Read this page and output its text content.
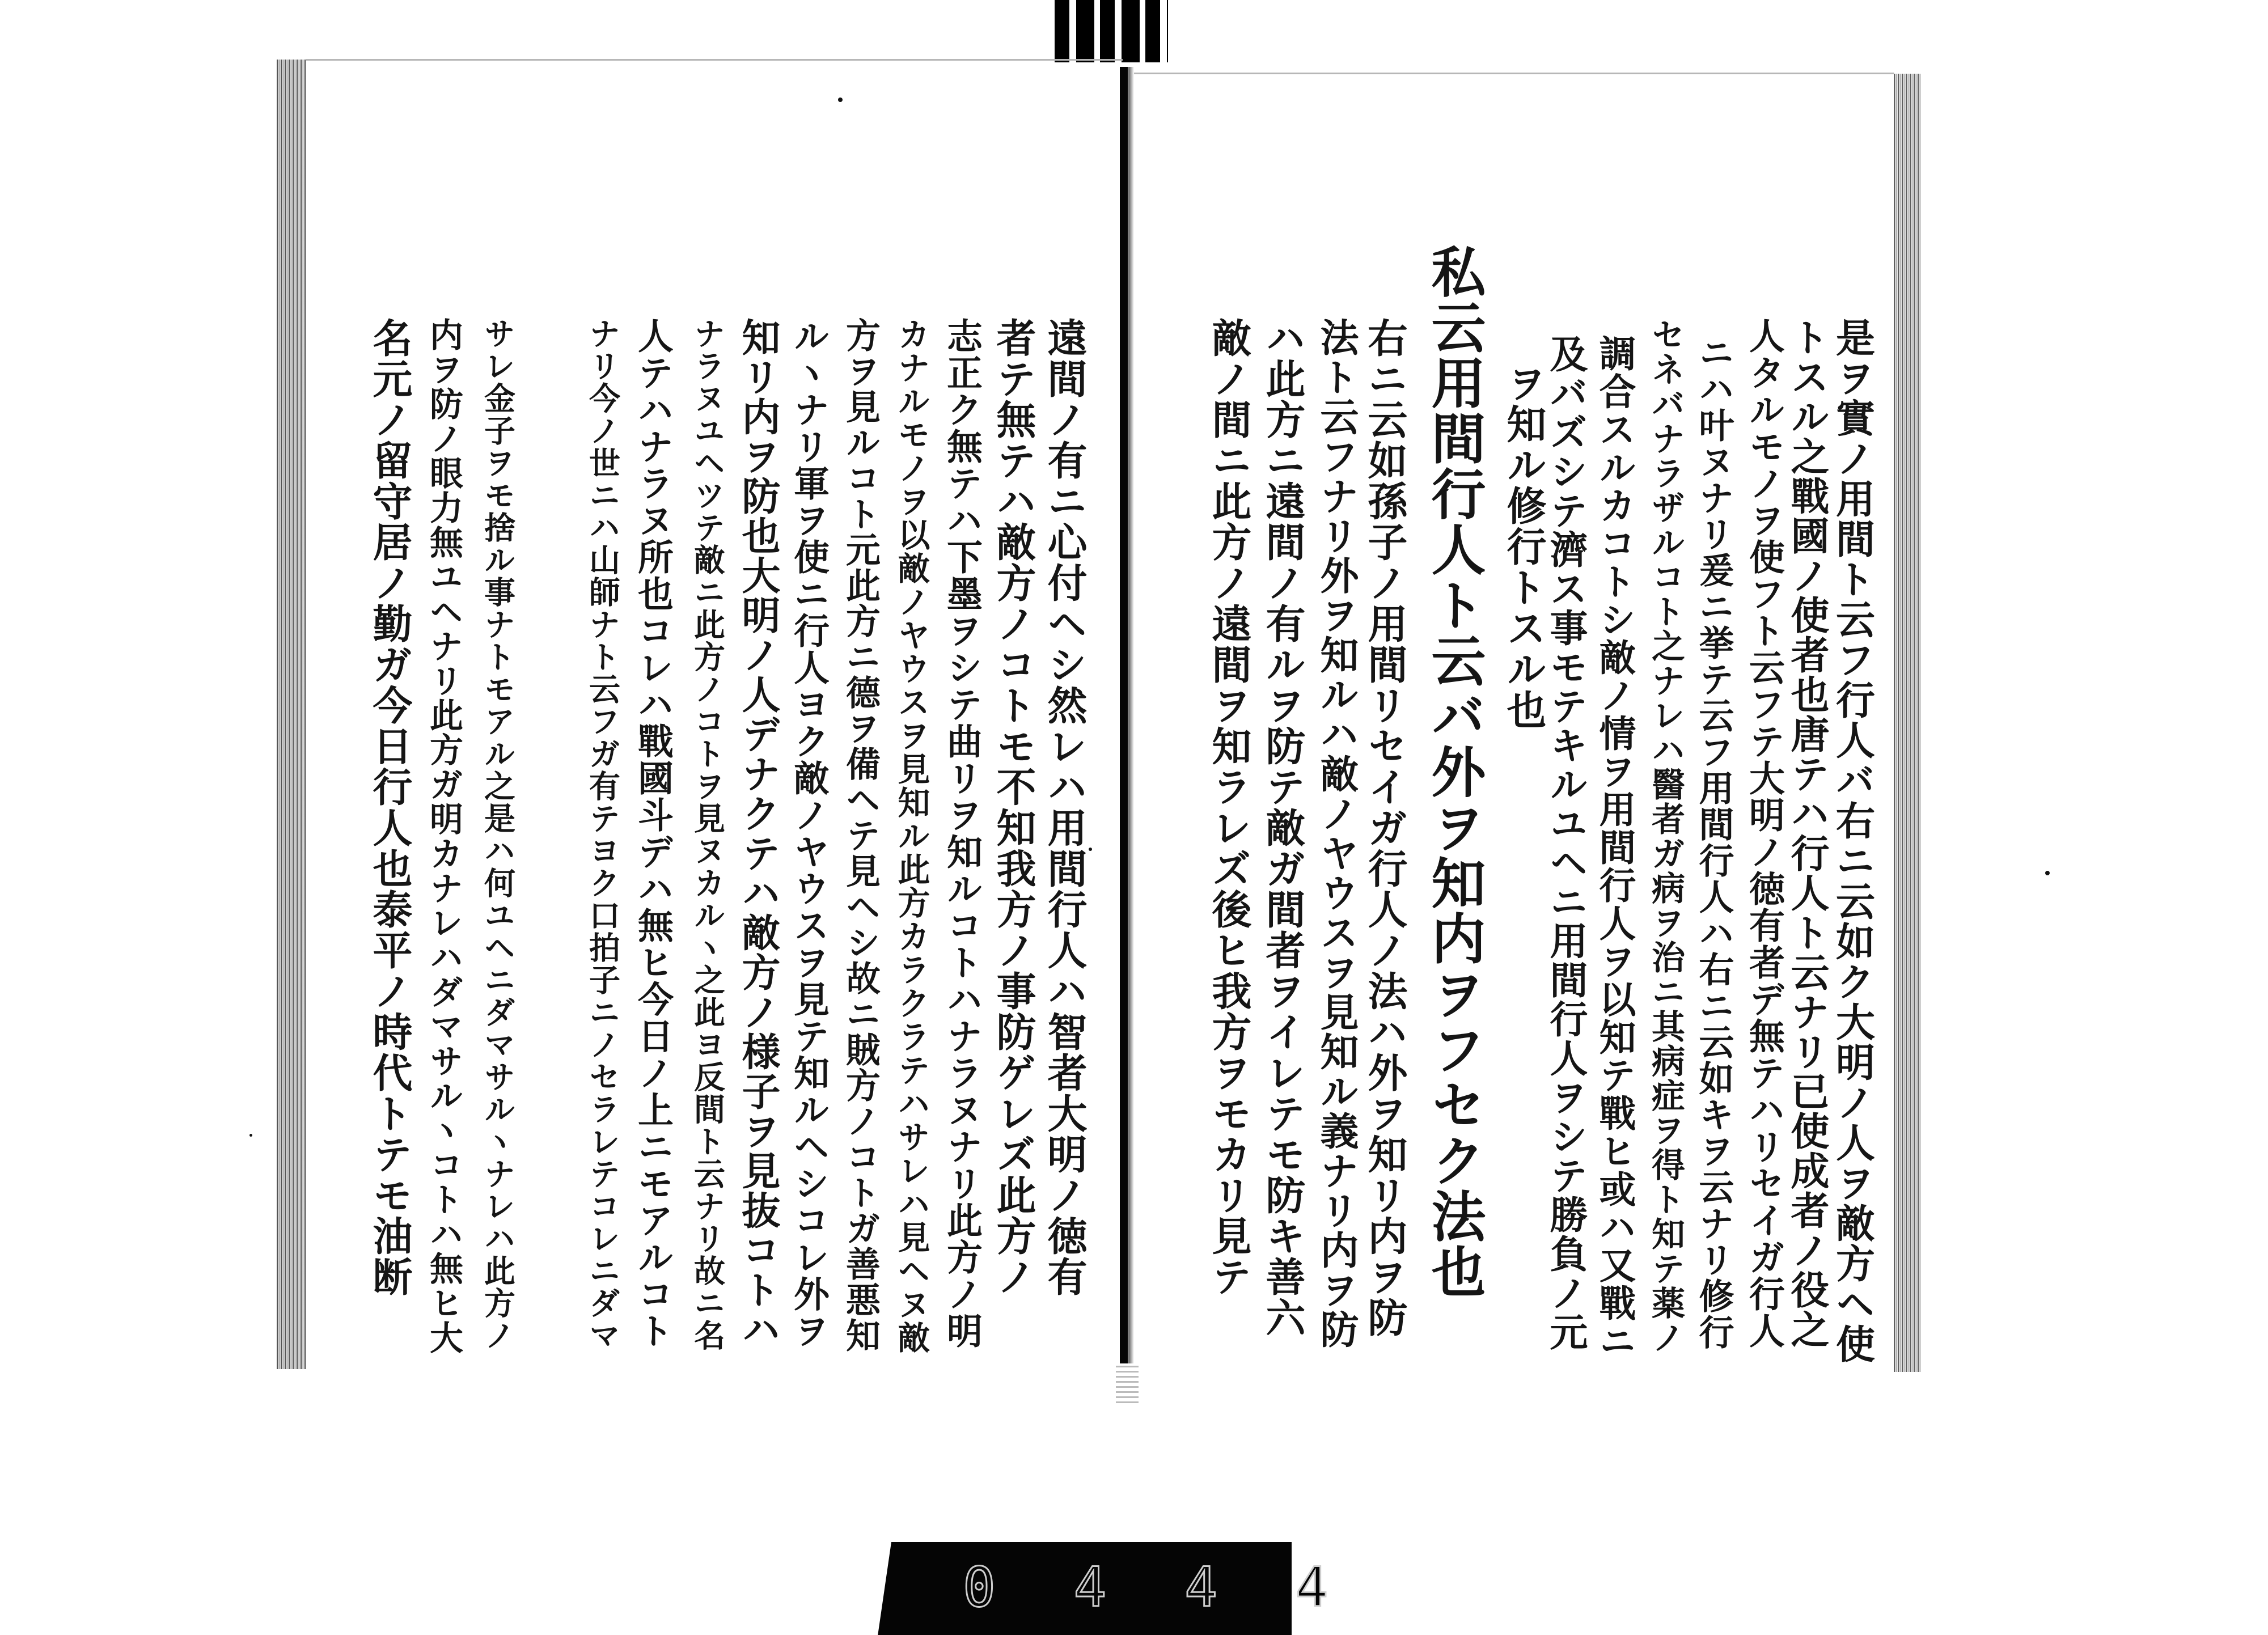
是ヲ實ノ用間ト云フ行人バ右ニ云如ク大明ノ人ヲ敵方ヘ使
トスル之戰國ノ使者也唐テハ行人ト云ナリ已使成者ノ役之
人タルモノヲ使フト云フテ大明ノ徳有者デ無テハリセイガ行人
ニハ叶ヌナリ爰ニ挙テ云フ用間行人ハ右ニ云如キヲ云ナリ修行
セネバナラザルコト之ナレハ醫者ガ病ヲ治ニ其病症ヲ得ト知テ薬ノ
調合スルカコトシ敵ノ情ヲ用間行人ヲ以知テ戰ヒ或ハ又戰ニ
及バズシテ濟ス事モテキルユヘニ用間行人ヲシテ勝負ノ元
ヲ知ル修行トスル也
私云用間行人ト云バ外ヲ知内ヲフセク法也
右ニ云如孫子ノ用間リセイガ行人ノ法ハ外ヲ知リ内ヲ防
法ト云フナリ外ヲ知ルハ敵ノヤウスヲ見知ル義ナリ内ヲ防
ハ此方ニ遠間ノ有ルヲ防テ敵ガ間者ヲイレテモ防キ善六
敵ノ間ニ此方ノ遠間ヲ知ラレズ後ヒ我方ヲモカリ見テ
遠間ノ有ニ心付ヘシ然レハ用間行人ハ智者大明ノ徳有
者テ無テハ敵方ノコトモ不知我方ノ事防ゲレズ此方ノ
志正ク無テハ下墨ヲシテ曲リヲ知ルコトハナラヌナリ此方ノ明
カナルモノヲ以敵ノヤウスヲ見知ル此方カラクラテハサレハ見ヘヌ敵
方ヲ見ルコト元此方ニ德ヲ備ヘテ見ヘシ故ニ賊方ノコトガ善悪知
ルヽナリ軍ヲ使ニ行人ヨク敵ノヤウスヲ見テ知ルヘシコレ外ヲ
知リ内ヲ防也大明ノ人デナクテハ敵方ノ様子ヲ見抜コトハ
ナラヌユヘツテ敵ニ此方ノコトヲ見ヌカルヽ之此ヨ反間ト云ナリ故ニ名
人テハナラヌ所也コレハ戰國斗デハ無ヒ今日ノ上ニモアルコト
ナリ今ノ世ニハ山師ナト云フガ有テヨク口拍子ニノセラレテコレニダマ
サレ金子ヲモ捨ル事ナトモアル之是ハ何ユヘニダマサルヽナレハ此方ノ
内ヲ防ノ眼力無ユヘナリ此方ガ明カナレハダマサルヽコトハ無ヒ大
名元ノ留守居ノ勤ガ今日行人也泰平ノ時代トテモ油断
0 4 4 4
